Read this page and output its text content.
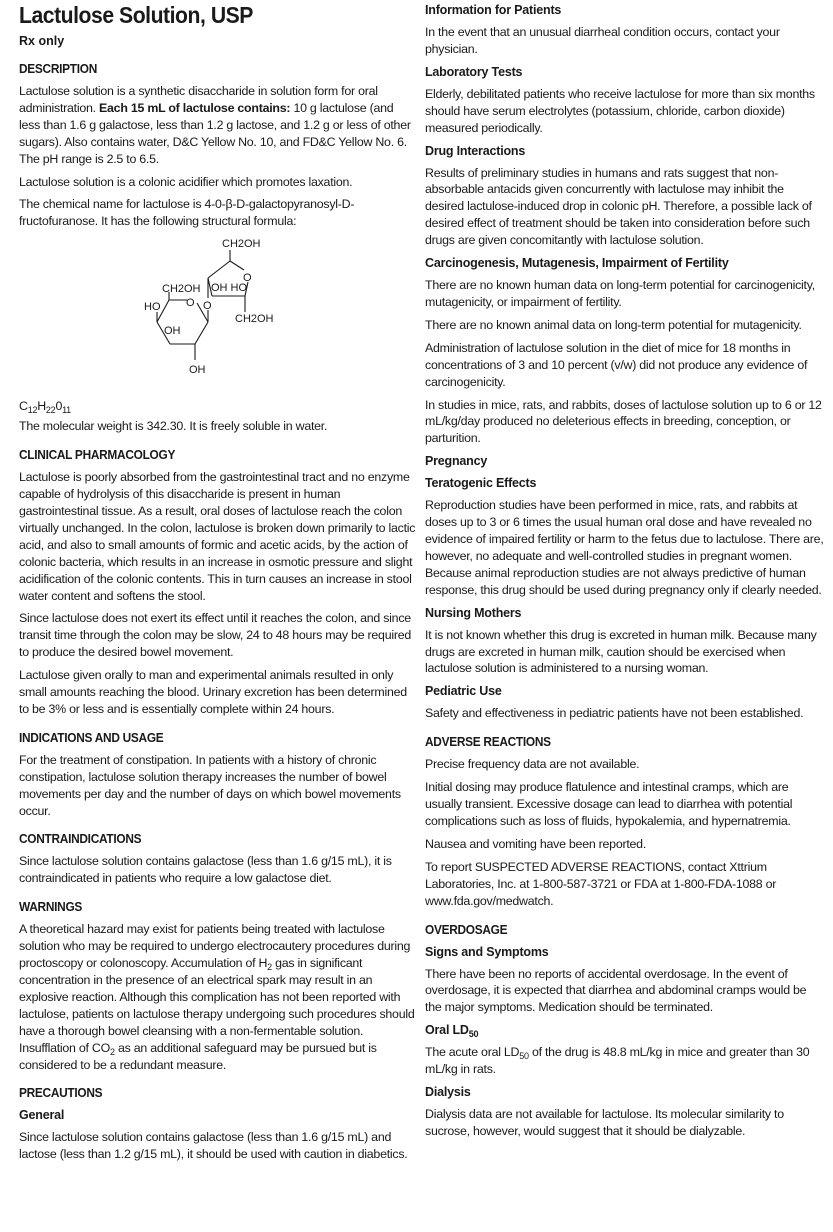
Lactulose Solution, USP
Rx only
DESCRIPTION

Lactulose solution is a synthetic disaccharide in solution form for oral administration. Each 15 mL of lactulose contains: 10 g lactulose (and less than 1.6 g galactose, less than 1.2 g lactose, and 1.2 g or less of other sugars). Also contains water, D&C Yellow No. 10, and FD&C Yellow No. 6. The pH range is 2.5 to 6.5.

Lactulose solution is a colonic acidifier which promotes laxation.

The chemical name for lactulose is 4-0-β-D-galactopyranosyl-D-fructofuranose. It has the following structural formula:

CH2OH
O
OH HO
CH2OH
O
O
HO
OH
CH2OH
OH

$C_{12}H_{22}0_{11}$

The molecular weight is 342.30. It is freely soluble in water.

CLINICAL PHARMACOLOGY

Lactulose is poorly absorbed from the gastrointestinal tract and no enzyme capable of hydrolysis of this disaccharide is present in human gastrointestinal tissue. As a result, oral doses of lactulose reach the colon virtually unchanged. In the colon, lactulose is broken down primarily to lactic acid, and also to small amounts of formic and acetic acids, by the action of colonic bacteria, which results in an increase in osmotic pressure and slight acidification of the colonic contents. This in turn causes an increase in stool water content and softens the stool.

Since lactulose does not exert its effect until it reaches the colon, and since transit time through the colon may be slow, 24 to 48 hours may be required to produce the desired bowel movement.

Lactulose given orally to man and experimental animals resulted in only small amounts reaching the blood. Urinary excretion has been determined to be 3% or less and is essentially complete within 24 hours.

INDICATIONS AND USAGE

For the treatment of constipation. In patients with a history of chronic constipation, lactulose solution therapy increases the number of bowel movements per day and the number of days on which bowel movements occur.

CONTRAINDICATIONS

Since lactulose solution contains galactose (less than 1.6 g/15 mL), it is contraindicated in patients who require a low galactose diet.

WARNINGS

A theoretical hazard may exist for patients being treated with lactulose solution who may be required to undergo electrocautery procedures during proctoscopy or colonoscopy. Accumulation of $H_2$ gas in significant concentration in the presence of an electrical spark may result in an explosive reaction. Although this complication has not been reported with lactulose, patients on lactulose therapy undergoing such procedures should have a thorough bowel cleansing with a non-fermentable solution. Insufflation of $CO_2$ as an additional safeguard may be pursued but is considered to be a redundant measure.

PRECAUTIONS
General

Since lactulose solution contains galactose (less than 1.6 g/15 mL) and lactose (less than 1.2 g/15 mL), it should be used with caution in diabetics.

Information for Patients

In the event that an unusual diarrheal condition occurs, contact your physician.

Laboratory Tests

Elderly, debilitated patients who receive lactulose for more than six months should have serum electrolytes (potassium, chloride, carbon dioxide) measured periodically.

Drug Interactions

Results of preliminary studies in humans and rats suggest that non-absorbable antacids given concurrently with lactulose may inhibit the desired lactulose-induced drop in colonic pH. Therefore, a possible lack of desired effect of treatment should be taken into consideration before such drugs are given concomitantly with lactulose solution.

Carcinogenesis, Mutagenesis, Impairment of Fertility

There are no known human data on long-term potential for carcinogenicity, mutagenicity, or impairment of fertility.

There are no known animal data on long-term potential for mutagenicity.

Administration of lactulose solution in the diet of mice for 18 months in concentrations of 3 and 10 percent (v/w) did not produce any evidence of carcinogenicity.

In studies in mice, rats, and rabbits, doses of lactulose solution up to 6 or 12 mL/kg/day produced no deleterious effects in breeding, conception, or parturition.

Pregnancy
Teratogenic Effects

Reproduction studies have been performed in mice, rats, and rabbits at doses up to 3 or 6 times the usual human oral dose and have revealed no evidence of impaired fertility or harm to the fetus due to lactulose. There are, however, no adequate and well-controlled studies in pregnant women. Because animal reproduction studies are not always predictive of human response, this drug should be used during pregnancy only if clearly needed.

Nursing Mothers

It is not known whether this drug is excreted in human milk. Because many drugs are excreted in human milk, caution should be exercised when lactulose solution is administered to a nursing woman.

Pediatric Use

Safety and effectiveness in pediatric patients have not been established.

ADVERSE REACTIONS

Precise frequency data are not available.

Initial dosing may produce flatulence and intestinal cramps, which are usually transient. Excessive dosage can lead to diarrhea with potential complications such as loss of fluids, hypokalemia, and hypernatremia.

Nausea and vomiting have been reported.

To report SUSPECTED ADVERSE REACTIONS, contact Xttrium Laboratories, Inc. at 1-800-587-3721 or FDA at 1-800-FDA-1088 or www.fda.gov/medwatch.

OVERDOSAGE
Signs and Symptoms

There have been no reports of accidental overdosage. In the event of overdosage, it is expected that diarrhea and abdominal cramps would be the major symptoms. Medication should be terminated.

Oral $LD_{50}$

The acute oral $LD_{50}$ of the drug is 48.8 mL/kg in mice and greater than 30 mL/kg in rats.

Dialysis

Dialysis data are not available for lactulose. Its molecular similarity to sucrose, however, would suggest that it should be dialyzable.
